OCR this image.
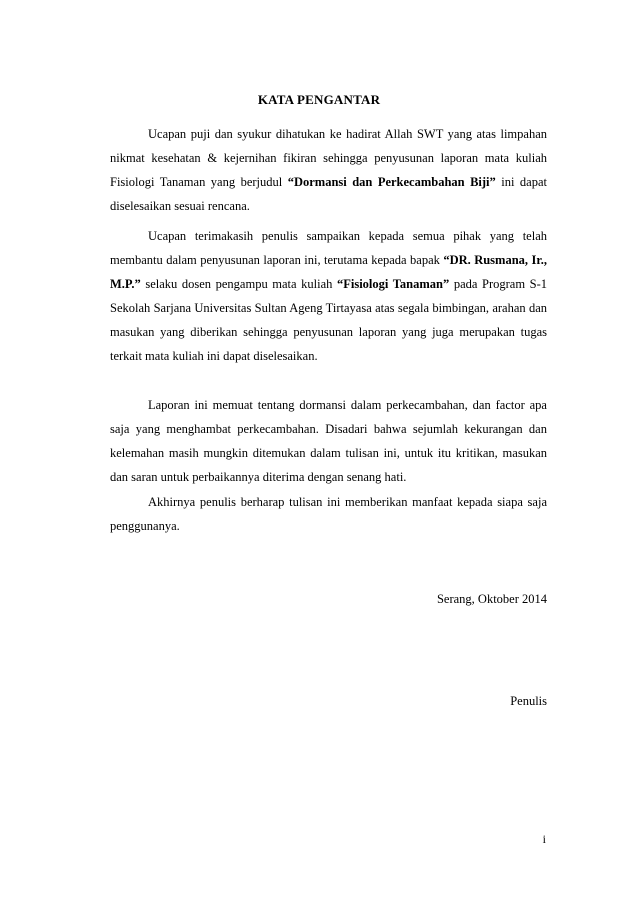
KATA PENGANTAR

Ucapan puji dan syukur dihatukan ke hadirat Allah SWT yang atas limpahan nikmat kesehatan & kejernihan fikiran sehingga penyusunan laporan mata kuliah Fisiologi Tanaman yang berjudul “Dormansi dan Perkecambahan Biji” ini dapat diselesaikan sesuai rencana.

Ucapan terimakasih penulis sampaikan kepada semua pihak yang telah membantu dalam penyusunan laporan ini, terutama kepada bapak “DR. Rusmana, Ir., M.P.” selaku dosen pengampu mata kuliah “Fisiologi Tanaman” pada Program S-1 Sekolah Sarjana Universitas Sultan Ageng Tirtayasa atas segala bimbingan, arahan dan masukan yang diberikan sehingga penyusunan laporan yang juga merupakan tugas terkait mata kuliah ini dapat diselesaikan.

Laporan ini memuat tentang dormansi dalam perkecambahan, dan factor apa saja yang menghambat perkecambahan. Disadari bahwa sejumlah kekurangan dan kelemahan masih mungkin ditemukan dalam tulisan ini, untuk itu kritikan, masukan dan saran untuk perbaikannya diterima dengan senang hati.

Akhirnya penulis berharap tulisan ini memberikan manfaat kepada siapa saja penggunanya.

Serang, Oktober 2014
Penulis
i
